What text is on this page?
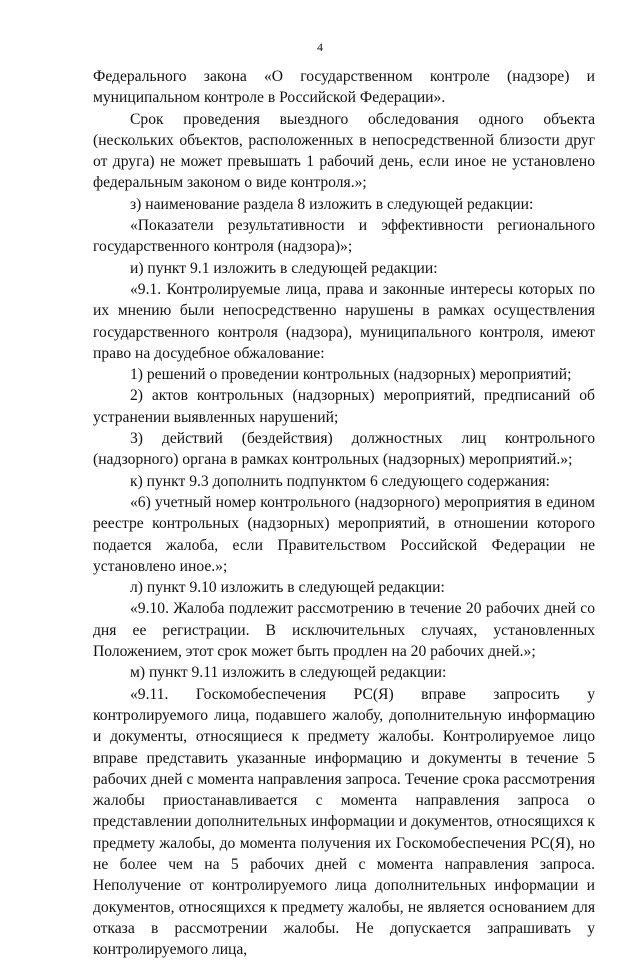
4

Федерального закона «О государственном контроле (надзоре) и муниципальном контроле в Российской Федерации».

Срок проведения выездного обследования одного объекта (нескольких объектов, расположенных в непосредственной близости друг от друга) не может превышать 1 рабочий день, если иное не установлено федеральным законом о виде контроля.»;

з) наименование раздела 8 изложить в следующей редакции:

«Показатели результативности и эффективности регионального государственного контроля (надзора)»;

и) пункт 9.1 изложить в следующей редакции:

«9.1. Контролируемые лица, права и законные интересы которых по их мнению были непосредственно нарушены в рамках осуществления государственного контроля (надзора), муниципального контроля, имеют право на досудебное обжалование:

1) решений о проведении контрольных (надзорных) мероприятий;

2) актов контрольных (надзорных) мероприятий, предписаний об устранении выявленных нарушений;

3) действий (бездействия) должностных лиц контрольного (надзорного) органа в рамках контрольных (надзорных) мероприятий.»;

к) пункт 9.3 дополнить подпунктом 6 следующего содержания:

«6) учетный номер контрольного (надзорного) мероприятия в едином реестре контрольных (надзорных) мероприятий, в отношении которого подается жалоба, если Правительством Российской Федерации не установлено иное.»;

л) пункт 9.10 изложить в следующей редакции:

«9.10. Жалоба подлежит рассмотрению в течение 20 рабочих дней со дня ее регистрации. В исключительных случаях, установленных Положением, этот срок может быть продлен на 20 рабочих дней.»;

м) пункт 9.11 изложить в следующей редакции:

«9.11. Госкомобеспечения РС(Я) вправе запросить у контролируемого лица, подавшего жалобу, дополнительную информацию и документы, относящиеся к предмету жалобы. Контролируемое лицо вправе представить указанные информацию и документы в течение 5 рабочих дней с момента направления запроса. Течение срока рассмотрения жалобы приостанавливается с момента направления запроса о представлении дополнительных информации и документов, относящихся к предмету жалобы, до момента получения их Госкомобеспечения РС(Я), но не более чем на 5 рабочих дней с момента направления запроса. Неполучение от контролируемого лица дополнительных информации и документов, относящихся к предмету жалобы, не является основанием для отказа в рассмотрении жалобы. Не допускается запрашивать у контролируемого лица,
